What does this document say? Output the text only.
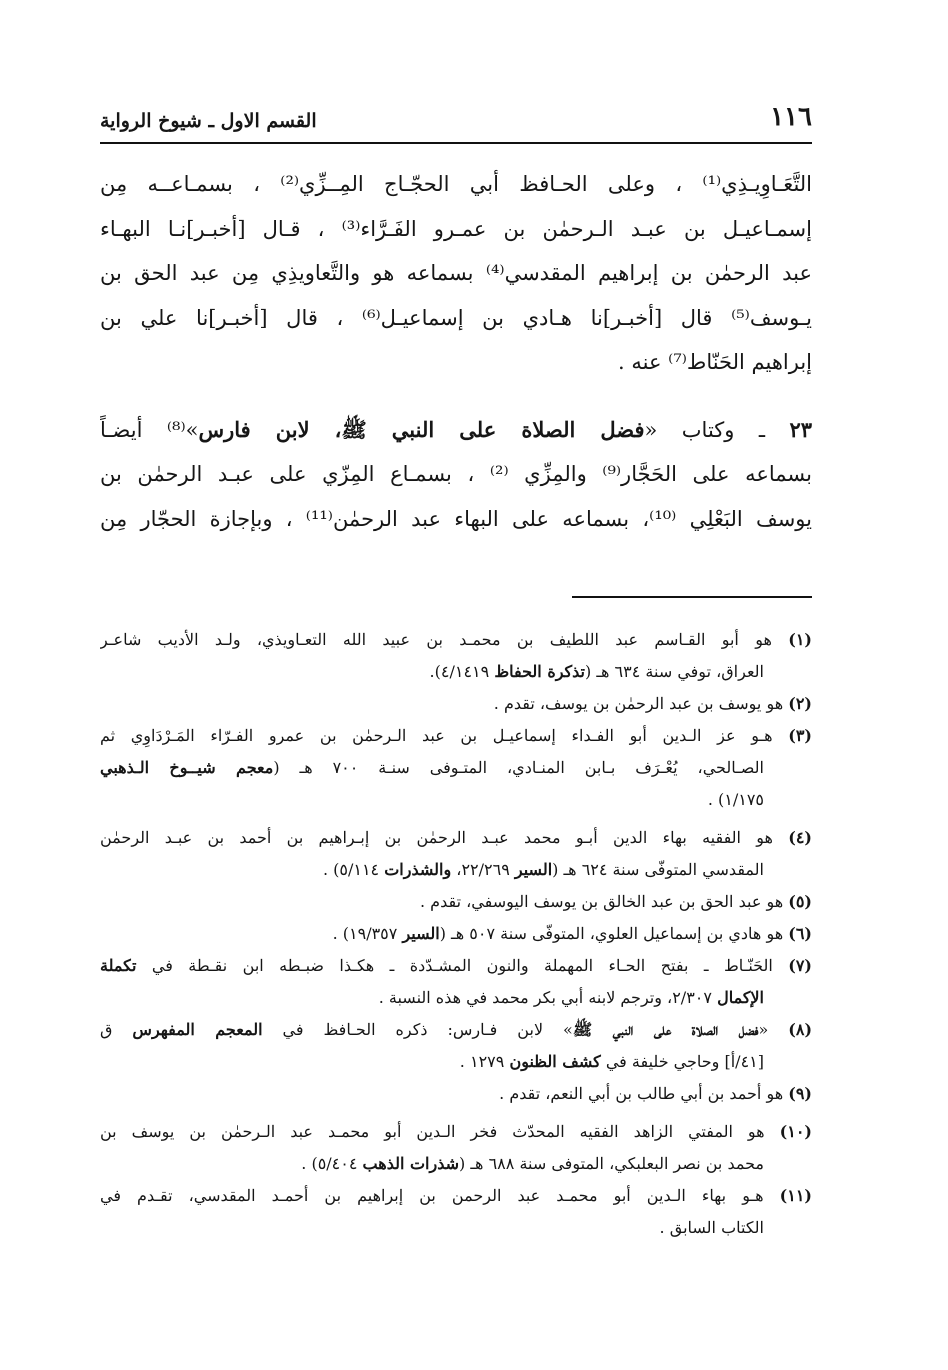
١١٦
القسم الاول ـ شيوخ الرواية
التَّعَـاوِيـذِي⁽¹⁾ ، وعلى الحـافظ أبي الحجّـاج المِــزِّي⁽²⁾ ، بسمـاعــه مِن
إسمـاعيـل بن عبـد الـرحمٰن بن عمـرو الفَـرَّاء⁽³⁾ ، قـال [أخبـر]نـا البهـاء
عبد الرحمٰن بن إبراهيم المقدسي⁽⁴⁾ بسماعه هو والتَّعاويذِي مِن عبد الحق بن
يـوسف⁽⁵⁾ قال [أخبـر]نا هـادي بن إسماعيـل⁽⁶⁾ ، قال [أخبـر]نا علي بن
إبراهيم الحَنّاط⁽⁷⁾ عنه .
٢٣ ـ وكتاب «فضل الصلاة على النبي ﷺ، لابن فارس»⁽⁸⁾ أيضـاً
بسماعه على الحَجَّار⁽⁹⁾ والمِزِّي ⁽²⁾ ، بسمـاع المِزّي على عبـد الرحمٰن بن
يوسف البَعْلِي ⁽¹⁰⁾، بسماعه على البهاء عبد الرحمٰن⁽¹¹⁾ ، وبإجازة الحجّار مِن
(١) هو أبو القـاسم عبد اللطيف بن محمـد بن عبيد الله التعـاويذي، ولـد الأديب شاعـر
العراق، توفي سنة ٦٣٤ هـ (تذكرة الحفاظ ٤/١٤١٩).
(٢) هو يوسف بن عبد الرحمٰن بن يوسف، تقدم .
(٣) هـو عز الـدين أبو الفـداء إسماعيـل بن عبد الـرحمٰن بن عمرو الفـرّاء المَـرْدَاوِي ثم
الصـالحي، يُعْـرَف بـابن المنـادي، المتـوفى سنـة ٧٠٠ هـ (معجم شيــوخ الـذهبي
١/١٧٥) .
(٤) هو الفقيه بهاء الدين أبـو محمد عبـد الرحمٰن بن إبـراهيم بن أحمد بن عبـد الرحمٰن
المقدسي المتوفّى سنة ٦٢٤ هـ (السير ٢٢/٢٦٩، والشذرات ٥/١١٤) .
(٥) هو عبد الحق بن عبد الخالق بن يوسف اليوسفي، تقدم .
(٦) هو هادي بن إسماعيل العلوي، المتوفّى سنة ٥٠٧ هـ (السير ١٩/٣٥٧) .
(٧) الحَنّـاط ـ بفتح الحـاء المهملة والنون المشـدّدة ـ هكـذا ضبـطه ابن نقـطة في تكملة
الإكمال ٢/٣٠٧، وترجم لابنه أبي بكر محمد في هذه النسبة .
(٨) «فضل الصلاة على النبي ﷺ» لابن فـارس: ذكره الحـافظ في المعجم المفهرس ق
[٤١/أ] وحاجي خليفة في كشف الظنون ١٢٧٩ .
(٩) هو أحمد بن أبي طالب بن أبي النعم، تقدم .
(١٠) هو المفتي الزاهد الفقيه المحدّث فخر الـدين أبو محمـد عبد الـرحمٰن بن يوسف بن
محمد بن نصر البعلبكي، المتوفى سنة ٦٨٨ هـ (شذرات الذهب ٥/٤٠٤) .
(١١) هـو بهاء الـدين أبو محمـد عبد الرحمن بن إبراهيم بن أحمـد المقدسي، تقـدم في
الكتاب السابق .
